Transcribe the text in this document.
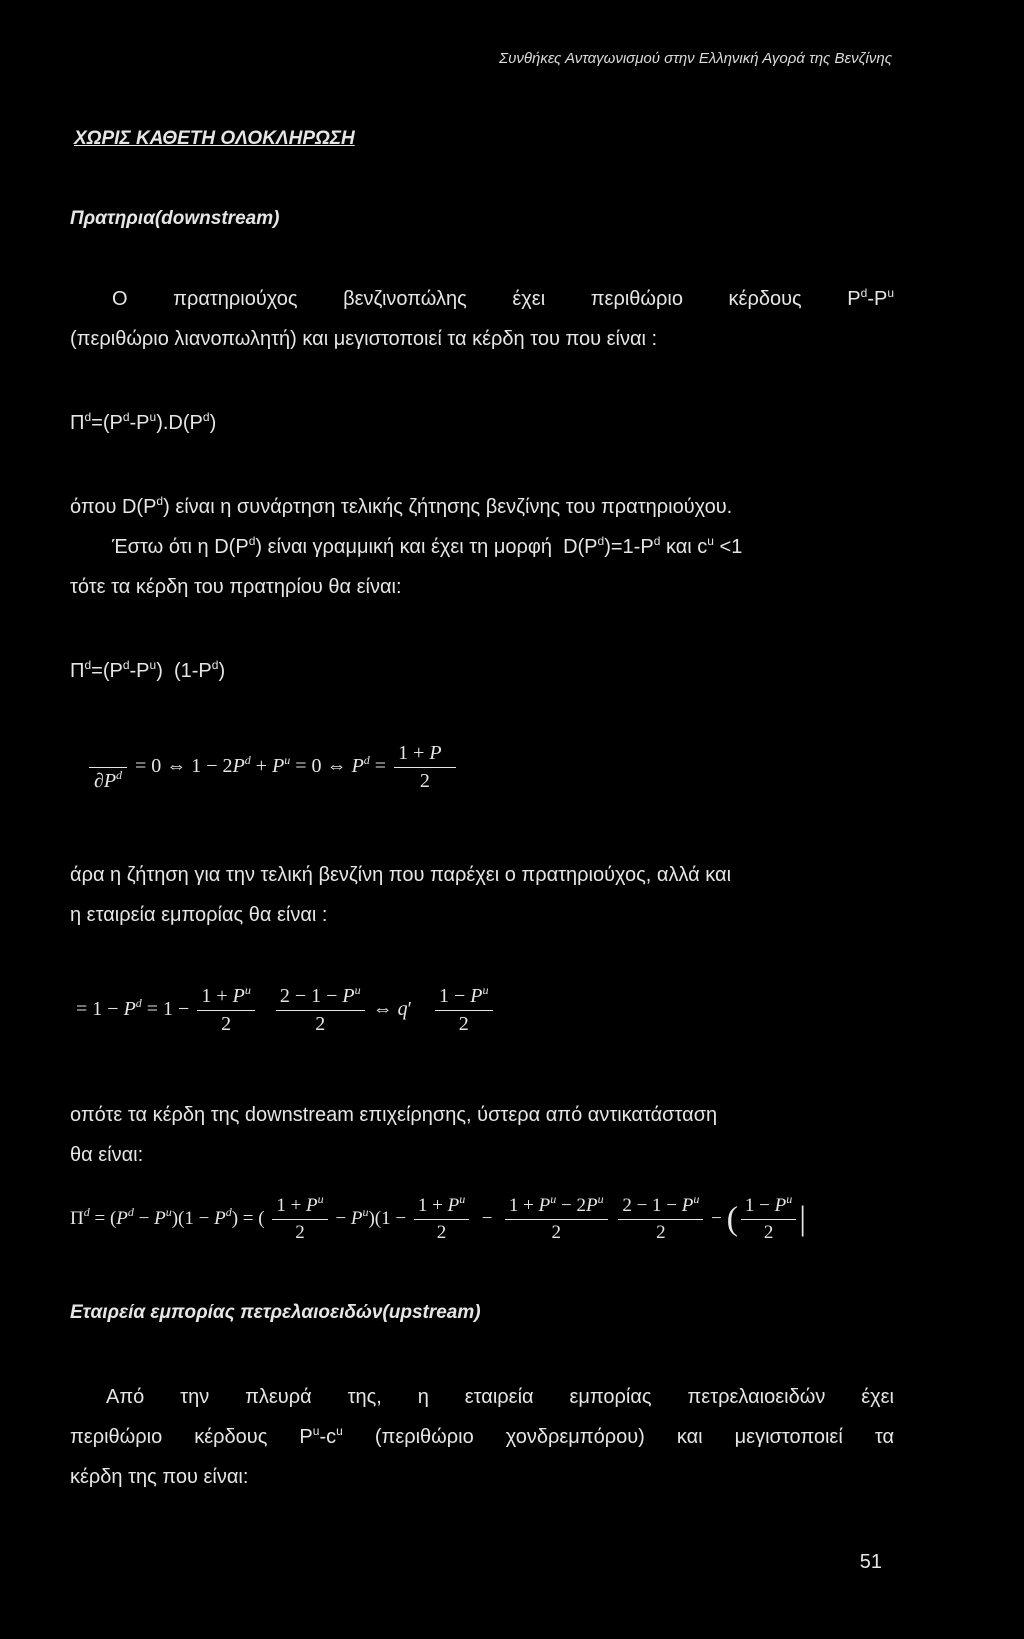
Συνθήκες Ανταγωνισμού στην Ελληνική Αγορά της Βενζίνης
ΧΩΡΙΣ ΚΑΘΕΤΗ ΟΛΟΚΛΗΡΩΣΗ
Πρατηρια(downstream)
Ο πρατηριούχος βενζινοπώλης έχει περιθώριο κέρδους $P^d-P^u$
(περιθώριο λιανοπωλητή) και μεγιστοποιεί τα κέρδη του που είναι :
$\Pi^d=(P^d-P^u).D(P^d)$
όπου $D(P^d)$ είναι η συνάρτηση τελικής ζήτησης βενζίνης του πρατηριούχου.
Έστω ότι η $D(P^d)$ είναι γραμμική και έχει τη μορφή  $D(P^d)=1-P^d$ και $c^u <1$
τότε τα κέρδη του πρατηρίου θα είναι:
$\Pi^d=(P^d-P^u)$  $(1-P^d)$

$\partial P^d = 0$ ⇔ $1 - 2P^d + P^u = 0$ ⇔ $P^d = \frac{1 + P}{2}$
άρα η ζήτηση για την τελική βενζίνη που παρέχει ο πρατηριούχος, αλλά και
η εταιρεία εμπορίας θα είναι :
= $1 - P^d = 1 - \frac{1 + P^u}{2}$
$\frac{2 - 1 - P^u}{2}$ ⇔ $q' \frac{1 - P^u}{2}$
οπότε τα κέρδη της downstream επιχείρησης, ύστερα από αντικατάσταση
θα είναι:
$\Pi^d = (P^d - P^u)(1 - P^d)$ = ( $\frac{1 + P^u}{2} - P^u)(1 - \frac{1 + P^u}{2} - \frac{1 + P^u - 2P^u}{2}$
$\frac{2 - 1 - P^u}{2}$ − ( $\frac{1 - P^u}{2}$ |
Εταιρεία εμπορίας πετρελαιοειδών(upstream)
Από την πλευρά της, η εταιρεία εμπορίας πετρελαιοειδών έχει
περιθώριο κέρδους $P^u-c^u$ (περιθώριο χονδρεμπόρου) και μεγιστοποιεί τα
κέρδη της που είναι:
51
